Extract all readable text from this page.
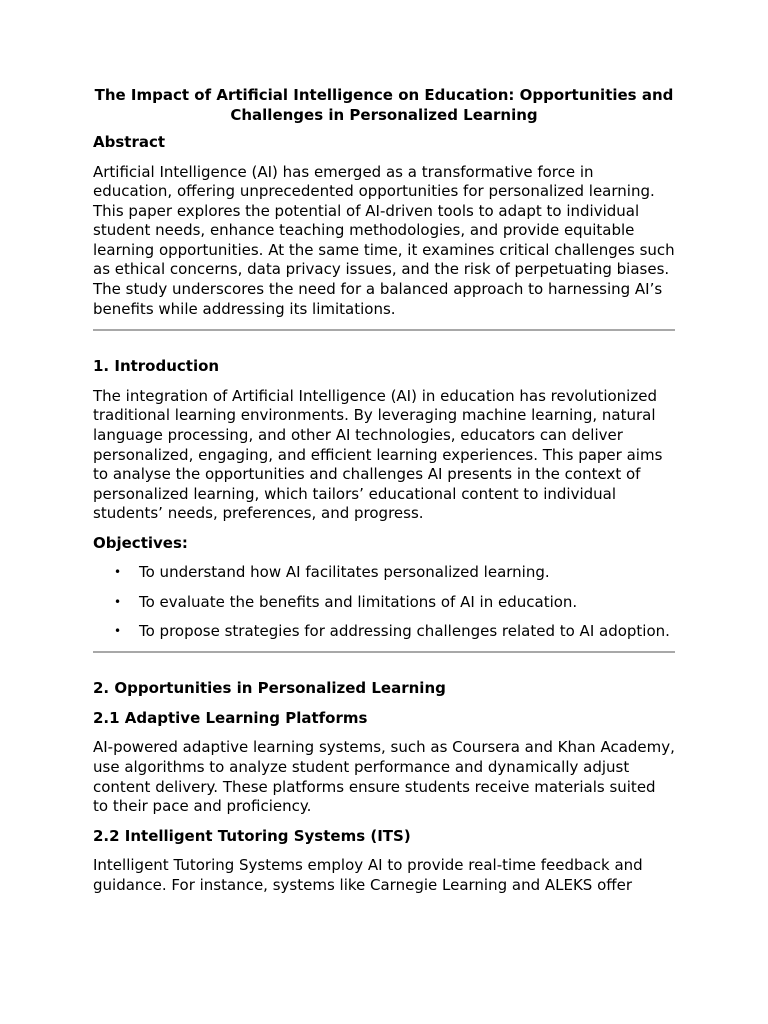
The Impact of Artificial Intelligence on Education: Opportunities and Challenges in Personalized Learning
Abstract

Artificial Intelligence (AI) has emerged as a transformative force in education, offering unprecedented opportunities for personalized learning. This paper explores the potential of AI-driven tools to adapt to individual student needs, enhance teaching methodologies, and provide equitable learning opportunities. At the same time, it examines critical challenges such as ethical concerns, data privacy issues, and the risk of perpetuating biases. The study underscores the need for a balanced approach to harnessing AI’s benefits while addressing its limitations.

1. Introduction

The integration of Artificial Intelligence (AI) in education has revolutionized traditional learning environments. By leveraging machine learning, natural language processing, and other AI technologies, educators can deliver personalized, engaging, and efficient learning experiences. This paper aims to analyse the opportunities and challenges AI presents in the context of personalized learning, which tailors’ educational content to individual students’ needs, preferences, and progress.

Objectives:
• To understand how AI facilitates personalized learning.
• To evaluate the benefits and limitations of AI in education.
• To propose strategies for addressing challenges related to AI adoption.
2. Opportunities in Personalized Learning
2.1 Adaptive Learning Platforms

AI-powered adaptive learning systems, such as Coursera and Khan Academy, use algorithms to analyze student performance and dynamically adjust content delivery. These platforms ensure students receive materials suited to their pace and proficiency.

2.2 Intelligent Tutoring Systems (ITS)

Intelligent Tutoring Systems employ AI to provide real-time feedback and guidance. For instance, systems like Carnegie Learning and ALEKS offer
